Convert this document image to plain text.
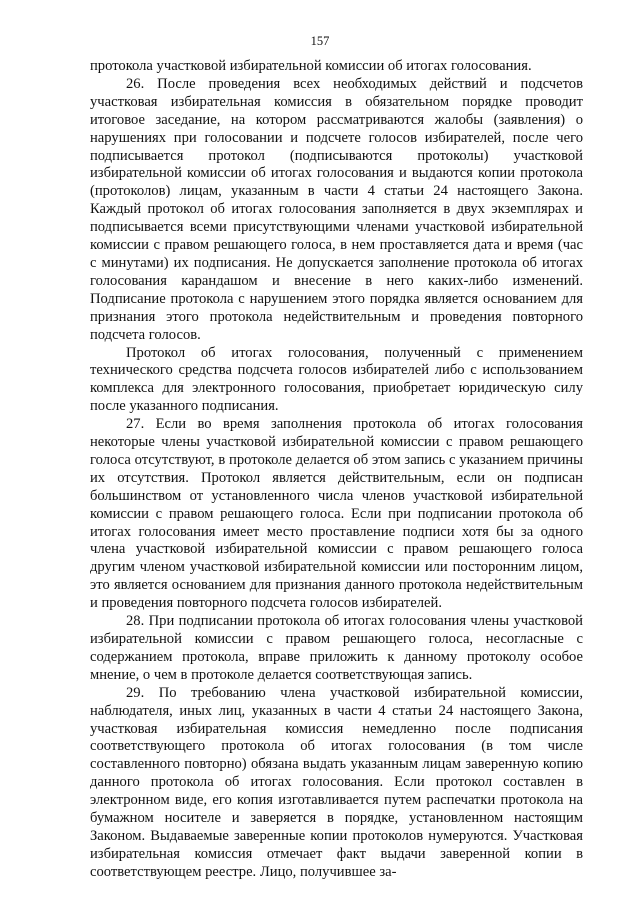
157

протокола участковой избирательной комиссии об итогах голосования.

26. После проведения всех необходимых действий и подсчетов участковая избирательная комиссия в обязательном порядке проводит итоговое заседание, на котором рассматриваются жалобы (заявления) о нарушениях при голосовании и подсчете голосов избирателей, после чего подписывается протокол (подписываются протоколы) участковой избирательной комиссии об итогах голосования и выдаются копии протокола (протоколов) лицам, указанным в части 4 статьи 24 настоящего Закона. Каждый протокол об итогах голосования заполняется в двух экземплярах и подписывается всеми присутствующими членами участковой избирательной комиссии с правом решающего голоса, в нем проставляется дата и время (час с минутами) их подписания. Не допускается заполнение протокола об итогах голосования карандашом и внесение в него каких-либо изменений. Подписание протокола с нарушением этого порядка является основанием для признания этого протокола недействительным и проведения повторного подсчета голосов.

Протокол об итогах голосования, полученный с применением технического средства подсчета голосов избирателей либо с использованием комплекса для электронного голосования, приобретает юридическую силу после указанного подписания.

27. Если во время заполнения протокола об итогах голосования некоторые члены участковой избирательной комиссии с правом решающего голоса отсутствуют, в протоколе делается об этом запись с указанием причины их отсутствия. Протокол является действительным, если он подписан большинством от установленного числа членов участковой избирательной комиссии с правом решающего голоса. Если при подписании протокола об итогах голосования имеет место проставление подписи хотя бы за одного члена участковой избирательной комиссии с правом решающего голоса другим членом участковой избирательной комиссии или посторонним лицом, это является основанием для признания данного протокола недействительным и проведения повторного подсчета голосов избирателей.

28. При подписании протокола об итогах голосования члены участковой избирательной комиссии с правом решающего голоса, несогласные с содержанием протокола, вправе приложить к данному протоколу особое мнение, о чем в протоколе делается соответствующая запись.

29. По требованию члена участковой избирательной комиссии, наблюдателя, иных лиц, указанных в части 4 статьи 24 настоящего Закона, участковая избирательная комиссия немедленно после подписания соответствующего протокола об итогах голосования (в том числе составленного повторно) обязана выдать указанным лицам заверенную копию данного протокола об итогах голосования. Если протокол составлен в электронном виде, его копия изготавливается путем распечатки протокола на бумажном носителе и заверяется в порядке, установленном настоящим Законом. Выдаваемые заверенные копии протоколов нумеруются. Участковая избирательная комиссия отмечает факт выдачи заверенной копии в соответствующем реестре. Лицо, получившее за-
